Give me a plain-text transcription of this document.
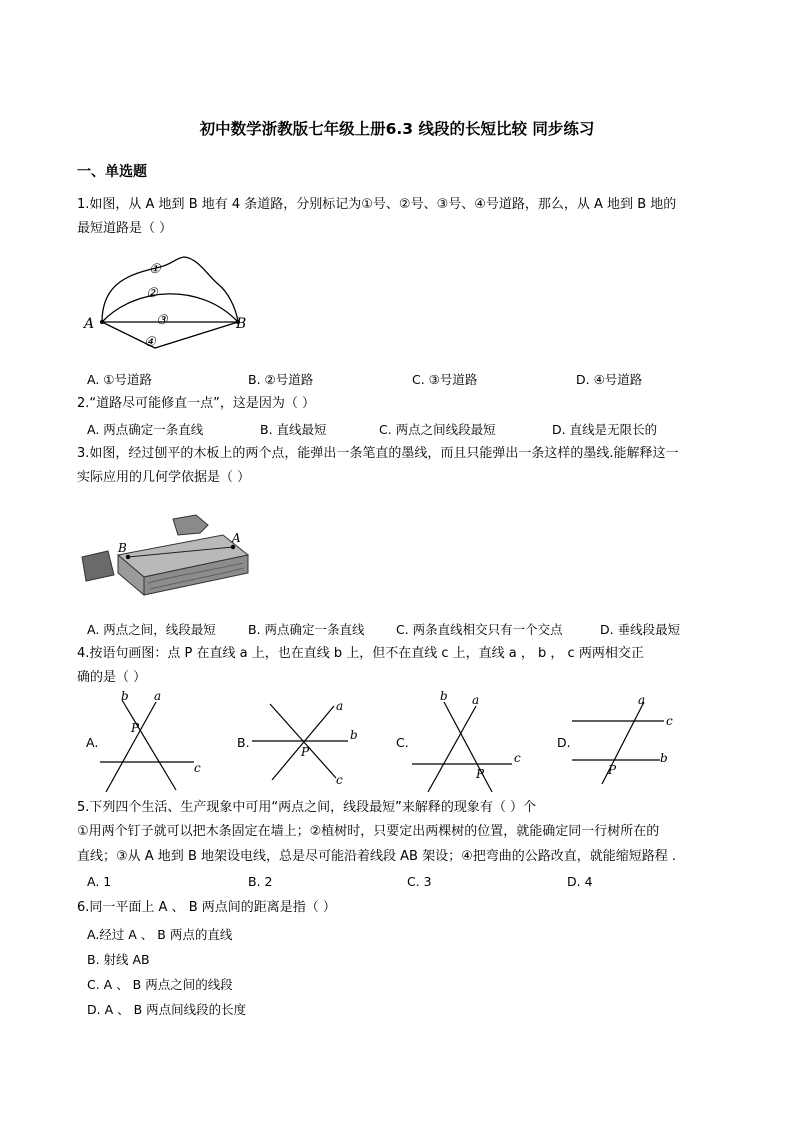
初中数学浙教版七年级上册6.3 线段的长短比较 同步练习
一、单选题
1.如图，从 A 地到 B 地有 4 条道路，分别标记为①号、②号、③号、④号道路，那么，从 A 地到 B 地的
最短道路是（ ）
A	B
①
②
③
④
A. ①号道路	B. ②号道路	C. ③号道路	D. ④号道路
2.“道路尽可能修直一点”，这是因为（ ）
A. 两点确定一条直线	B. 直线最短	C. 两点之间线段最短	D. 直线是无限长的
3.如图，经过刨平的木板上的两个点，能弹出一条笔直的墨线，而且只能弹出一条这样的墨线.能解释这一
实际应用的几何学依据是（ ）
B
A
A. 两点之间，线段最短	B. 两点确定一条直线	C. 两条直线相交只有一个交点	D. 垂线段最短
4.按语句画图：点 P 在直线 a 上，也在直线 b 上，但不在直线 c 上，直线 a ， b ， c 两两相交正
确的是（ ）
A.
b a
c
P
B.
a
b
c
P
C.
b a
c
P
D.
a
c
b
P
5.下列四个生活、生产现象中可用“两点之间，线段最短”来解释的现象有（ ）个
①用两个钉子就可以把木条固定在墙上；②植树时，只要定出两棵树的位置，就能确定同一行树所在的
直线；③从 A 地到 B 地架设电线，总是尽可能沿着线段 AB 架设；④把弯曲的公路改直，就能缩短路程 .
A. 1	B. 2	C. 3	D. 4
6.同一平面上 A 、 B 两点间的距离是指（ ）
A.经过 A 、 B 两点的直线
B. 射线 AB
C. A 、 B 两点之间的线段
D. A 、 B 两点间线段的长度
